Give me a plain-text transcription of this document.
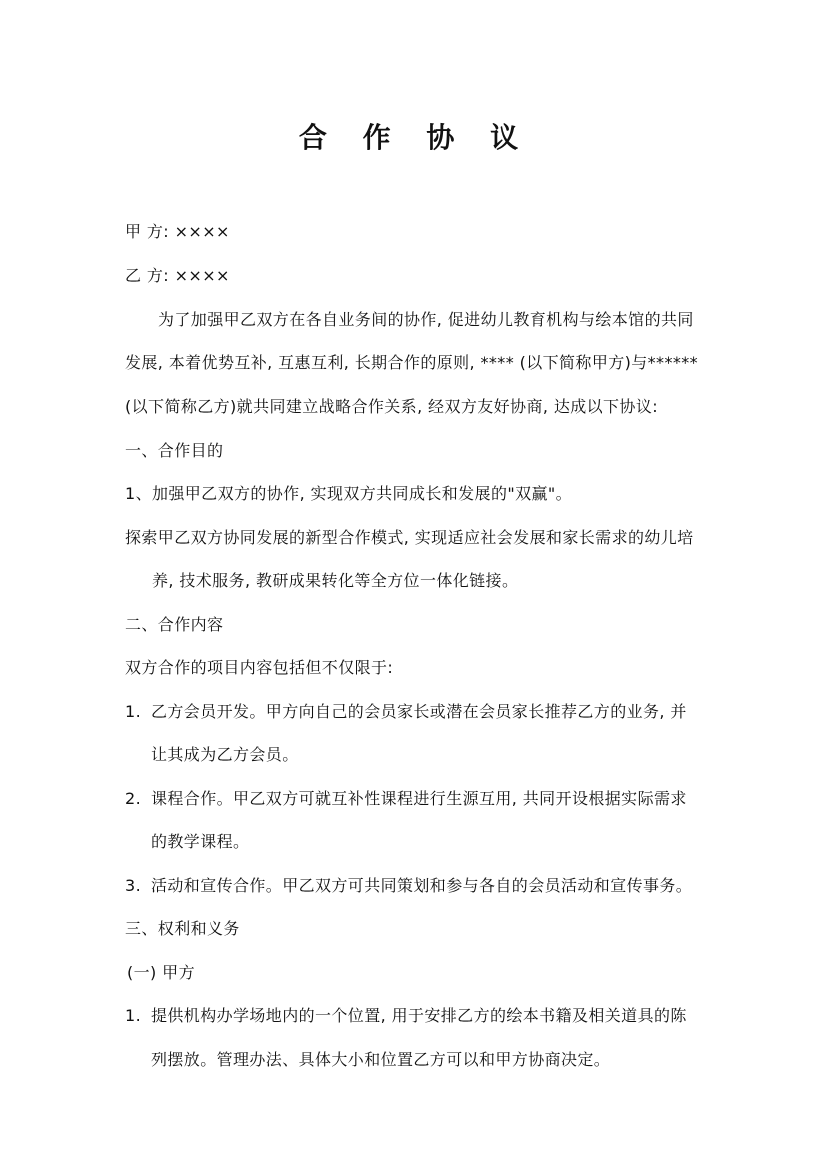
合 作 协 议
甲 方: ××××
乙 方: ××××
为了加强甲乙双方在各自业务间的协作, 促进幼儿教育机构与绘本馆的共同
发展, 本着优势互补, 互惠互利, 长期合作的原则, **** (以下简称甲方)与******
(以下简称乙方)就共同建立战略合作关系, 经双方友好协商, 达成以下协议:
一、合作目的
1、加强甲乙双方的协作, 实现双方共同成长和发展的"双赢"。
探索甲乙双方协同发展的新型合作模式, 实现适应社会发展和家长需求的幼儿培
养, 技术服务, 教研成果转化等全方位一体化链接。
二、合作内容
双方合作的项目内容包括但不仅限于:
1. 乙方会员开发。甲方向自己的会员家长或潜在会员家长推荐乙方的业务, 并
让其成为乙方会员。
2. 课程合作。甲乙双方可就互补性课程进行生源互用, 共同开设根据实际需求
的教学课程。
3. 活动和宣传合作。甲乙双方可共同策划和参与各自的会员活动和宣传事务。
三、权利和义务
(一) 甲方
1. 提供机构办学场地内的一个位置, 用于安排乙方的绘本书籍及相关道具的陈
列摆放。管理办法、具体大小和位置乙方可以和甲方协商决定。
